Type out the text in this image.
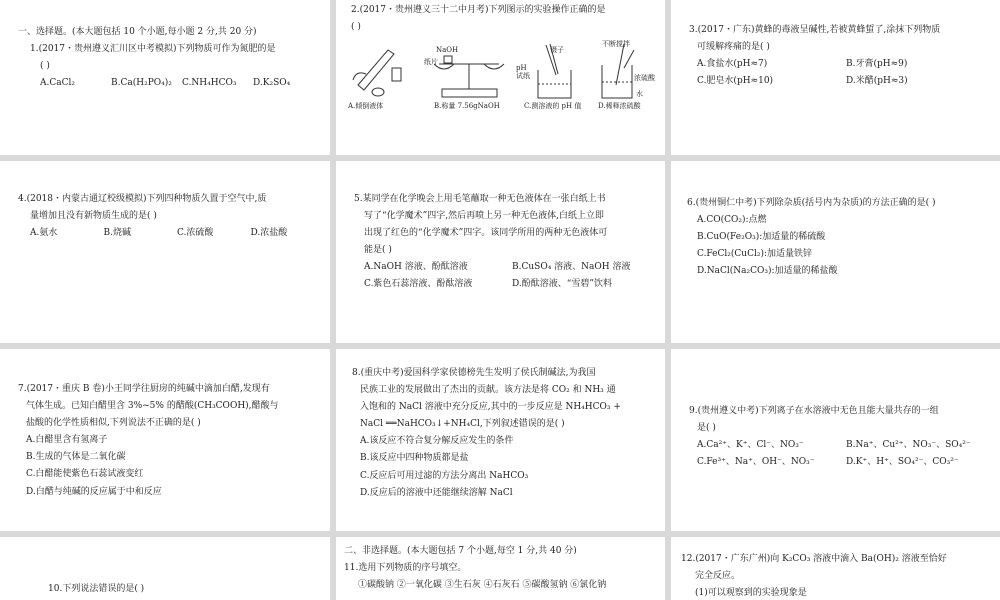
一、选择题。(本大题包括 10 个小题,每小题 2 分,共 20 分)
1.(2017・贵州遵义汇川区中考模拟)下列物质可作为氮肥的是
( )
A.CaCl₂	B.Ca(H₂PO₄)₂	C.NH₄HCO₃	D.K₂SO₄
2.(2017・贵州遵义三十二中月考)下列图示的实验操作正确的是
( )
NaOH
纸片
镊子
pH 试纸
不断搅拌
浓硫酸
水
A.倾倒液体	B.称量 7.56gNaOH	C.测溶液的 pH 值 D.稀释浓硫酸
3.(2017・广东)黄蜂的毒液呈碱性,若被黄蜂蜇了,涂抹下列物质
可缓解疼痛的是( )
A.食盐水(pH≈7)	B.牙膏(pH≈9)
C.肥皂水(pH≈10)	D.米醋(pH≈3)
4.(2018・内蒙古通辽校级模拟)下列四种物质久置于空气中,质
量增加且没有新物质生成的是( )
A.氨水	B.烧碱	C.浓硫酸	D.浓盐酸
5.某同学在化学晚会上用毛笔蘸取一种无色液体在一张白纸上书
写了“化学魔术”四字,然后再喷上另一种无色液体,白纸上立即
出现了红色的“化学魔术”四字。该同学所用的两种无色液体可
能是( )
A.NaOH 溶液、酚酞溶液	B.CuSO₄ 溶液、NaOH 溶液
C.紫色石蕊溶液、酚酞溶液	D.酚酞溶液、“雪碧”饮料
6.(贵州铜仁中考)下列除杂质(括号内为杂质)的方法正确的是( )
A.CO(CO₂):点燃
B.CuO(Fe₂O₃):加适量的稀硫酸
C.FeCl₂(CuCl₂):加适量铁锌
D.NaCl(Na₂CO₃):加适量的稀盐酸
7.(2017・重庆 B 卷)小王同学往厨房的纯碱中滴加白醋,发现有
气体生成。已知白醋里含 3%~5% 的醋酸(CH₃COOH),醋酸与
盐酸的化学性质相似,下列说法不正确的是( )
A.白醋里含有氢离子
B.生成的气体是二氧化碳
C.白醋能使紫色石蕊试液变红
D.白醋与纯碱的反应属于中和反应
8.(重庆中考)爱国科学家侯德榜先生发明了侯氏制碱法,为我国
民族工业的发展做出了杰出的贡献。该方法是将 CO₂ 和 NH₃ 通
入饱和的 NaCl 溶液中充分反应,其中的一步反应是 NH₄HCO₃ +
NaCl ══NaHCO₃↓+NH₄Cl,下列叙述错误的是( )
A.该反应不符合复分解反应发生的条件
B.该反应中四种物质都是盐
C.反应后可用过滤的方法分离出 NaHCO₃
D.反应后的溶液中还能继续溶解 NaCl
9.(贵州遵义中考)下列离子在水溶液中无色且能大量共存的一组
是( )
A.Ca²⁺、K⁺、Cl⁻、NO₃⁻	B.Na⁺、Cu²⁺、NO₃⁻、SO₄²⁻
C.Fe³⁺、Na⁺、OH⁻、NO₃⁻	D.K⁺、H⁺、SO₄²⁻、CO₃²⁻
10.下列说法错误的是( )
二、非选择题。(本大题包括 7 个小题,每空 1 分,共 40 分)
11.选用下列物质的序号填空。
①碳酸钠 ②一氧化碳 ③生石灰 ④石灰石 ⑤碳酸氢钠 ⑥氯化钠
12.(2017・广东广州)向 K₂CO₃ 溶液中滴入 Ba(OH)₂ 溶液至恰好
完全反应。
(1)可以观察到的实验现象是
